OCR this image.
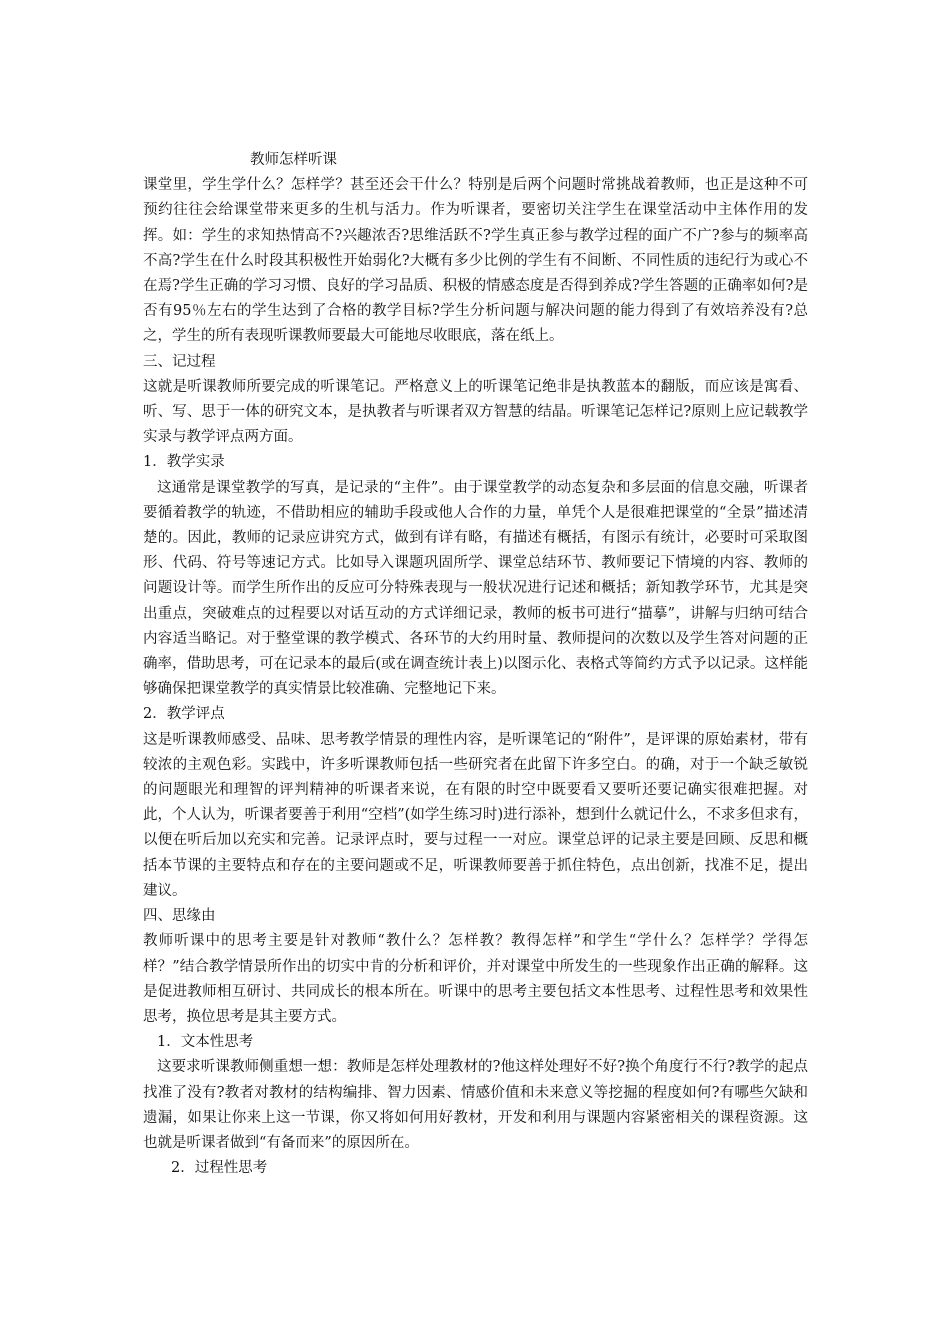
教师怎样听课

课堂里，学生学什么？怎样学？甚至还会干什么？特别是后两个问题时常挑战着教师，也正是这种不可预约往往会给课堂带来更多的生机与活力。作为听课者，要密切关注学生在课堂活动中主体作用的发挥。如：学生的求知热情高不?兴趣浓否?思维活跃不?学生真正参与教学过程的面广不广?参与的频率高不高?学生在什么时段其积极性开始弱化?大概有多少比例的学生有不间断、不同性质的违纪行为或心不在焉?学生正确的学习习惯、良好的学习品质、积极的情感态度是否得到养成?学生答题的正确率如何?是否有95％左右的学生达到了合格的教学目标?学生分析问题与解决问题的能力得到了有效培养没有?总之，学生的所有表现听课教师要最大可能地尽收眼底，落在纸上。

三、记过程

这就是听课教师所要完成的听课笔记。严格意义上的听课笔记绝非是执教蓝本的翻版，而应该是寓看、听、写、思于一体的研究文本，是执教者与听课者双方智慧的结晶。听课笔记怎样记?原则上应记载教学实录与教学评点两方面。

1．教学实录

这通常是课堂教学的写真，是记录的“主件”。由于课堂教学的动态复杂和多层面的信息交融，听课者要循着教学的轨迹，不借助相应的辅助手段或他人合作的力量，单凭个人是很难把课堂的“全景”描述清楚的。因此，教师的记录应讲究方式，做到有详有略，有描述有概括，有图示有统计，必要时可采取图形、代码、符号等速记方式。比如导入课题巩固所学、课堂总结环节、教师要记下情境的内容、教师的问题设计等。而学生所作出的反应可分特殊表现与一般状况进行记述和概括；新知教学环节，尤其是突出重点，突破难点的过程要以对话互动的方式详细记录，教师的板书可进行“描摹”，讲解与归纳可结合内容适当略记。对于整堂课的教学模式、各环节的大约用时量、教师提问的次数以及学生答对问题的正确率，借助思考，可在记录本的最后(或在调查统计表上)以图示化、表格式等简约方式予以记录。这样能够确保把课堂教学的真实情景比较准确、完整地记下来。

2．教学评点

这是听课教师感受、品味、思考教学情景的理性内容，是听课笔记的“附件”，是评课的原始素材，带有较浓的主观色彩。实践中，许多听课教师包括一些研究者在此留下许多空白。的确，对于一个缺乏敏锐的问题眼光和理智的评判精神的听课者来说，在有限的时空中既要看又要听还要记确实很难把握。对此，个人认为，听课者要善于利用“空档”(如学生练习时)进行添补，想到什么就记什么，不求多但求有，以便在听后加以充实和完善。记录评点时，要与过程一一对应。课堂总评的记录主要是回顾、反思和概括本节课的主要特点和存在的主要问题或不足，听课教师要善于抓住特色，点出创新，找准不足，提出建议。

四、思缘由

教师听课中的思考主要是针对教师“教什么？怎样教？教得怎样”和学生“学什么？怎样学？学得怎样？”结合教学情景所作出的切实中肯的分析和评价，并对课堂中所发生的一些现象作出正确的解释。这是促进教师相互研讨、共同成长的根本所在。听课中的思考主要包括文本性思考、过程性思考和效果性思考，换位思考是其主要方式。

1．文本性思考

这要求听课教师侧重想一想：教师是怎样处理教材的?他这样处理好不好?换个角度行不行?教学的起点找准了没有?教者对教材的结构编排、智力因素、情感价值和未来意义等挖掘的程度如何?有哪些欠缺和遗漏，如果让你来上这一节课，你又将如何用好教材，开发和利用与课题内容紧密相关的课程资源。这也就是听课者做到“有备而来”的原因所在。

2．过程性思考
